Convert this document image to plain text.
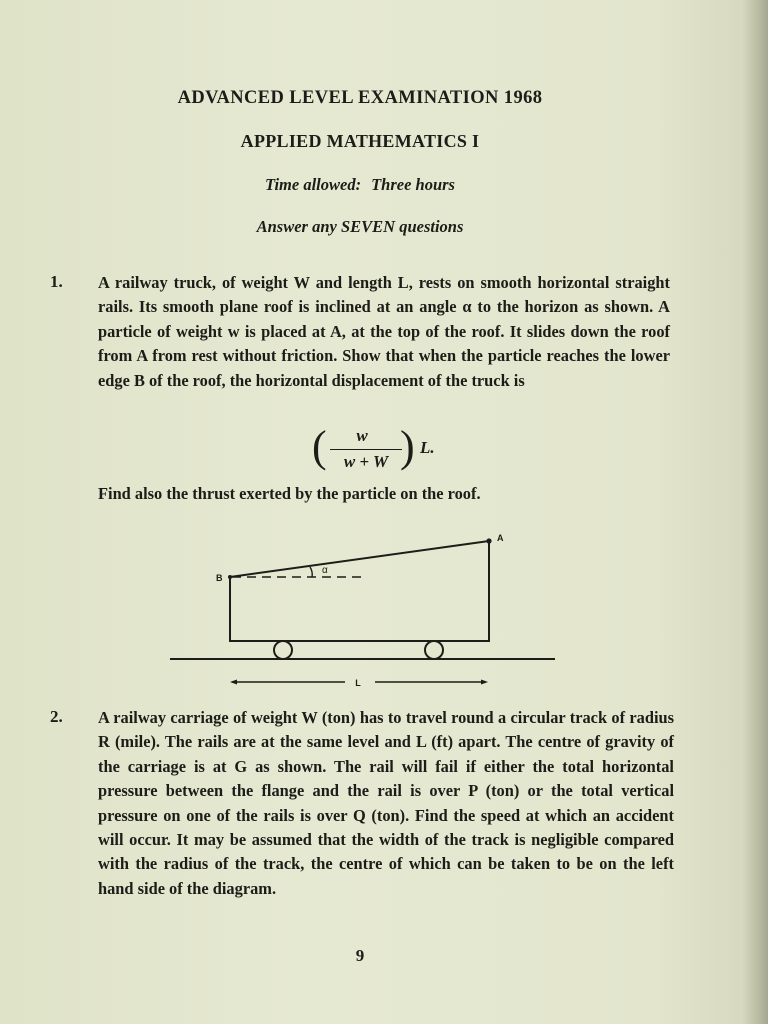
ADVANCED LEVEL EXAMINATION 1968
APPLIED MATHEMATICS I
Time allowed: Three hours
Answer any SEVEN questions
1. A railway truck, of weight W and length L, rests on smooth horizontal straight rails. Its smooth plane roof is inclined at an angle α to the horizon as shown. A particle of weight w is placed at A, at the top of the roof. It slides down the roof from A from rest without friction. Show that when the particle reaches the lower edge B of the roof, the horizontal displacement of the truck is
(	w
w + W ) L.
Find also the thrust exerted by the particle on the roof.
α
A
B
L
2. A railway carriage of weight W (ton) has to travel round a circular track of radius R (mile). The rails are at the same level and L (ft) apart. The centre of gravity of the carriage is at G as shown. The rail will fail if either the total horizontal pressure between the flange and the rail is over P (ton) or the total vertical pressure on one of the rails is over Q (ton). Find the speed at which an accident will occur. It may be assumed that the width of the track is negligible compared with the radius of the track, the centre of which can be taken to be on the left hand side of the diagram.
9
